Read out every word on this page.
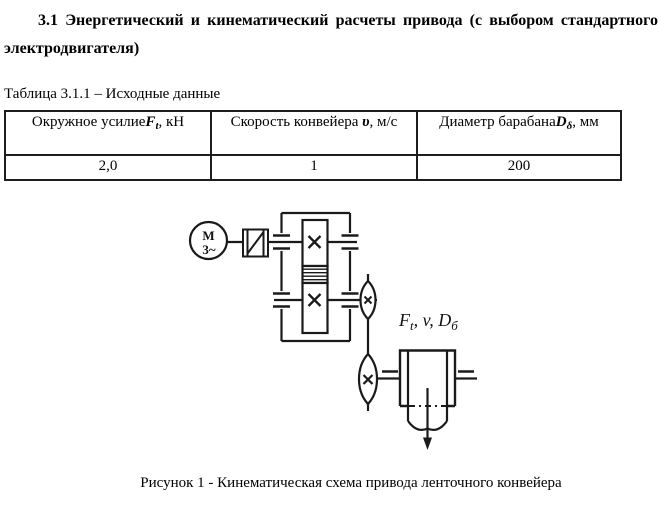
3.1 Энергетический и кинематический расчеты привода (с выбором стандартного электродвигателя)
Таблица 3.1.1 – Исходные данные
Окружное усилиеF$_t$, кН	Скорость конвейера υ, м/с	Диаметр барабанаD$_\delta$, мм
2,0	1	200
М
3~
$F_t$, v, $D_б$
Рисунок 1 - Кинематическая схема привода ленточного конвейера
